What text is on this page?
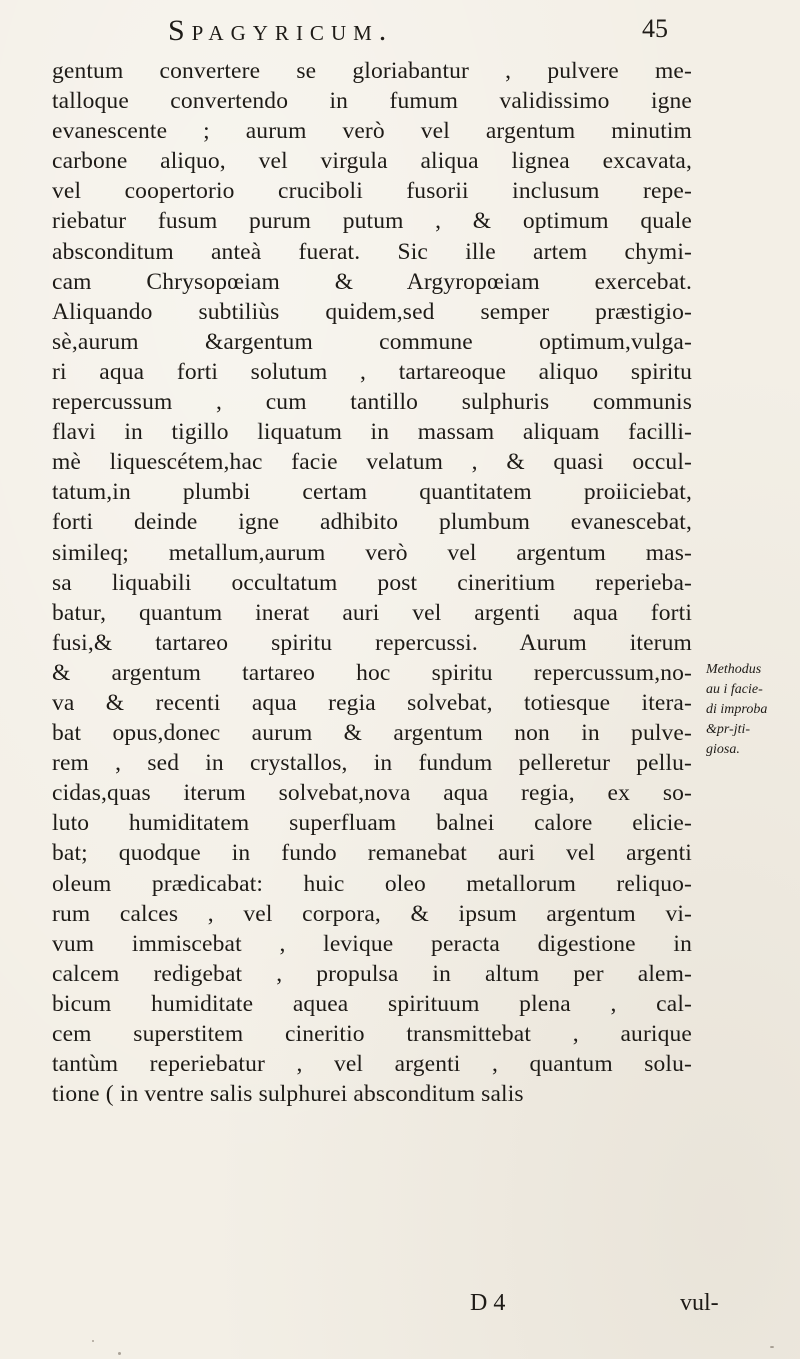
Spagyricum.	45
gentum convertere se gloriabantur , pulvere me-
talloque convertendo in fumum validissimo igne
evanescente ; aurum verò vel argentum minutim
carbone aliquo, vel virgula aliqua lignea excavata,
vel coopertorio cruciboli fusorii inclusum repe-
riebatur fusum purum putum , & optimum quale
absconditum anteà fuerat. Sic ille artem chymi-
cam Chrysopœiam & Argyropœiam exercebat.
Aliquando subtiliùs quidem,sed semper præstigio-
sè,aurum &argentum commune optimum,vulga-
ri aqua forti solutum , tartareoque aliquo spiritu
repercussum , cum tantillo sulphuris communis
flavi in tigillo liquatum in massam aliquam facilli-
mè liquescétem,hac facie velatum , & quasi occul-
tatum,in plumbi certam quantitatem proiiciebat,
forti deinde igne adhibito plumbum evanescebat,
similеq; metallum,aurum verò vel argentum mas-
sa liquabili occultatum post cineritium reperieba-
batur, quantum inerat auri vel argenti aqua forti
fusi,& tartareo spiritu repercussi. Aurum iterum
& argentum tartareo hoc spiritu repercussum,no-
va & recenti aqua regia solvebat, totiesque itera-
bat opus,donec aurum & argentum non in pulve-
rem , sed in crystallos, in fundum pelleretur pellu-
cidas,quas iterum solvebat,nova aqua regia, ex so-
luto humiditatem superfluam balnei calore elicie-
bat; quodque in fundo remanebat auri vel argenti
oleum prædicabat: huic oleo metallorum reliquo-
rum calces , vel corpora, & ipsum argentum vi-
vum immiscebat , levique peracta digestione in
calcem redigebat , propulsa in altum per alem-
bicum humiditate aquea spirituum plena , cal-
cem superstitem cineritio transmittebat , aurique
tantùm reperiebatur , vel argenti , quantum solu-
tione ( in ventre salis sulphurei absconditum salis
Methodus
au i facie-
di improba
&pr-jti-
giosa.
D 4	vul-
